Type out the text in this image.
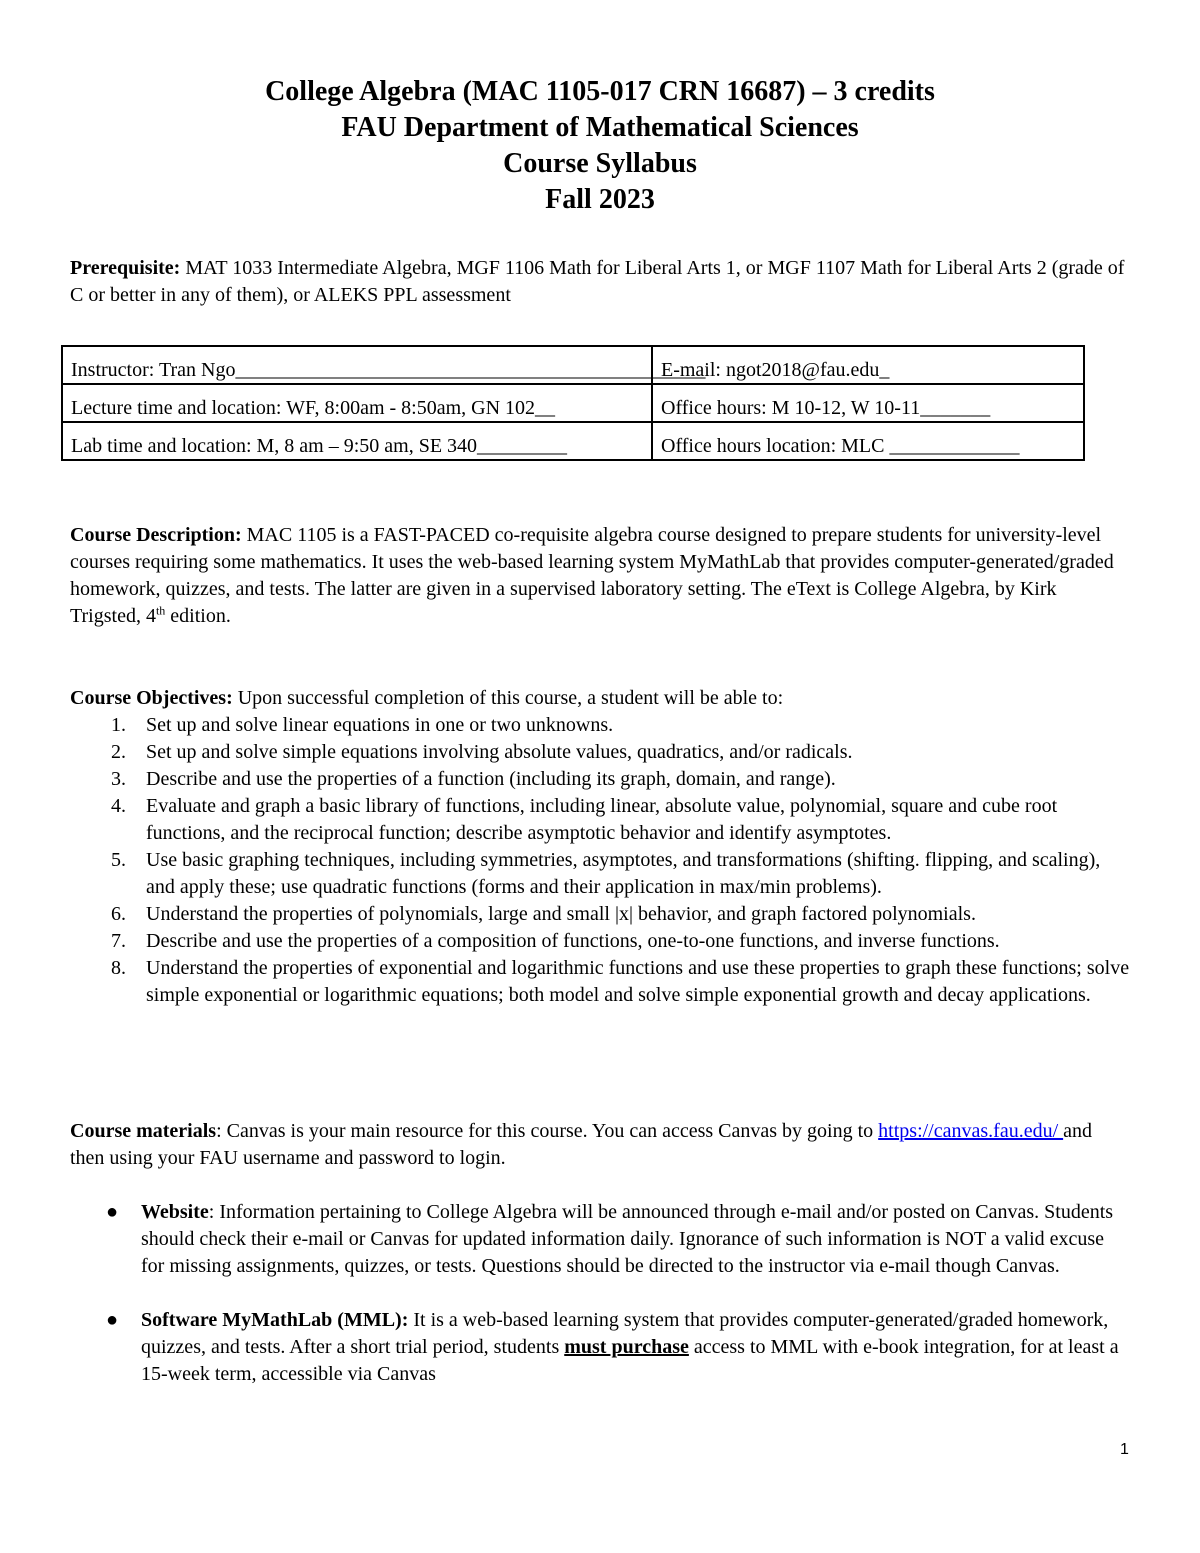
College Algebra (MAC 1105-017 CRN 16687) – 3 credits

FAU Department of Mathematical Sciences

Course Syllabus

Fall 2023

Prerequisite: MAT 1033 Intermediate Algebra, MGF 1106 Math for Liberal Arts 1, or MGF 1107 Math for Liberal Arts 2 (grade of C or better in any of them), or ALEKS PPL assessment
Instructor: Tran Ngo_______________________________________________	E-mail: ngot2018@fau.edu_
Lecture time and location: WF, 8:00am - 8:50am, GN 102__	Office hours: M 10-12, W 10-11_______
Lab time and location: M, 8 am – 9:50 am, SE 340_________	Office hours location: MLC _____________
Course Description: MAC 1105 is a FAST-PACED co-requisite algebra course designed to prepare students for university-level courses requiring some mathematics. It uses the web-based learning system MyMathLab that provides computer-generated/graded homework, quizzes, and tests. The latter are given in a supervised laboratory setting. The eText is College Algebra, by Kirk Trigsted, 4th edition.
Course Objectives: Upon successful completion of this course, a student will be able to:
1. Set up and solve linear equations in one or two unknowns.
2. Set up and solve simple equations involving absolute values, quadratics, and/or radicals.
3. Describe and use the properties of a function (including its graph, domain, and range).
4. Evaluate and graph a basic library of functions, including linear, absolute value, polynomial, square and cube root functions, and the reciprocal function; describe asymptotic behavior and identify asymptotes.
5. Use basic graphing techniques, including symmetries, asymptotes, and transformations (shifting. flipping, and scaling), and apply these; use quadratic functions (forms and their application in max/min problems).
6. Understand the properties of polynomials, large and small |x| behavior, and graph factored polynomials.
7. Describe and use the properties of a composition of functions, one-to-one functions, and inverse functions.
8. Understand the properties of exponential and logarithmic functions and use these properties to graph these functions; solve simple exponential or logarithmic equations; both model and solve simple exponential growth and decay applications.
Course materials: Canvas is your main resource for this course. You can access Canvas by going to https://canvas.fau.edu/ and then using your FAU username and password to login.
● Website: Information pertaining to College Algebra will be announced through e-mail and/or posted on Canvas. Students should check their e-mail or Canvas for updated information daily. Ignorance of such information is NOT a valid excuse for missing assignments, quizzes, or tests. Questions should be directed to the instructor via e-mail though Canvas.
● Software MyMathLab (MML): It is a web-based learning system that provides computer-generated/graded homework, quizzes, and tests. After a short trial period, students must purchase access to MML with e-book integration, for at least a 15-week term, accessible via Canvas
1
